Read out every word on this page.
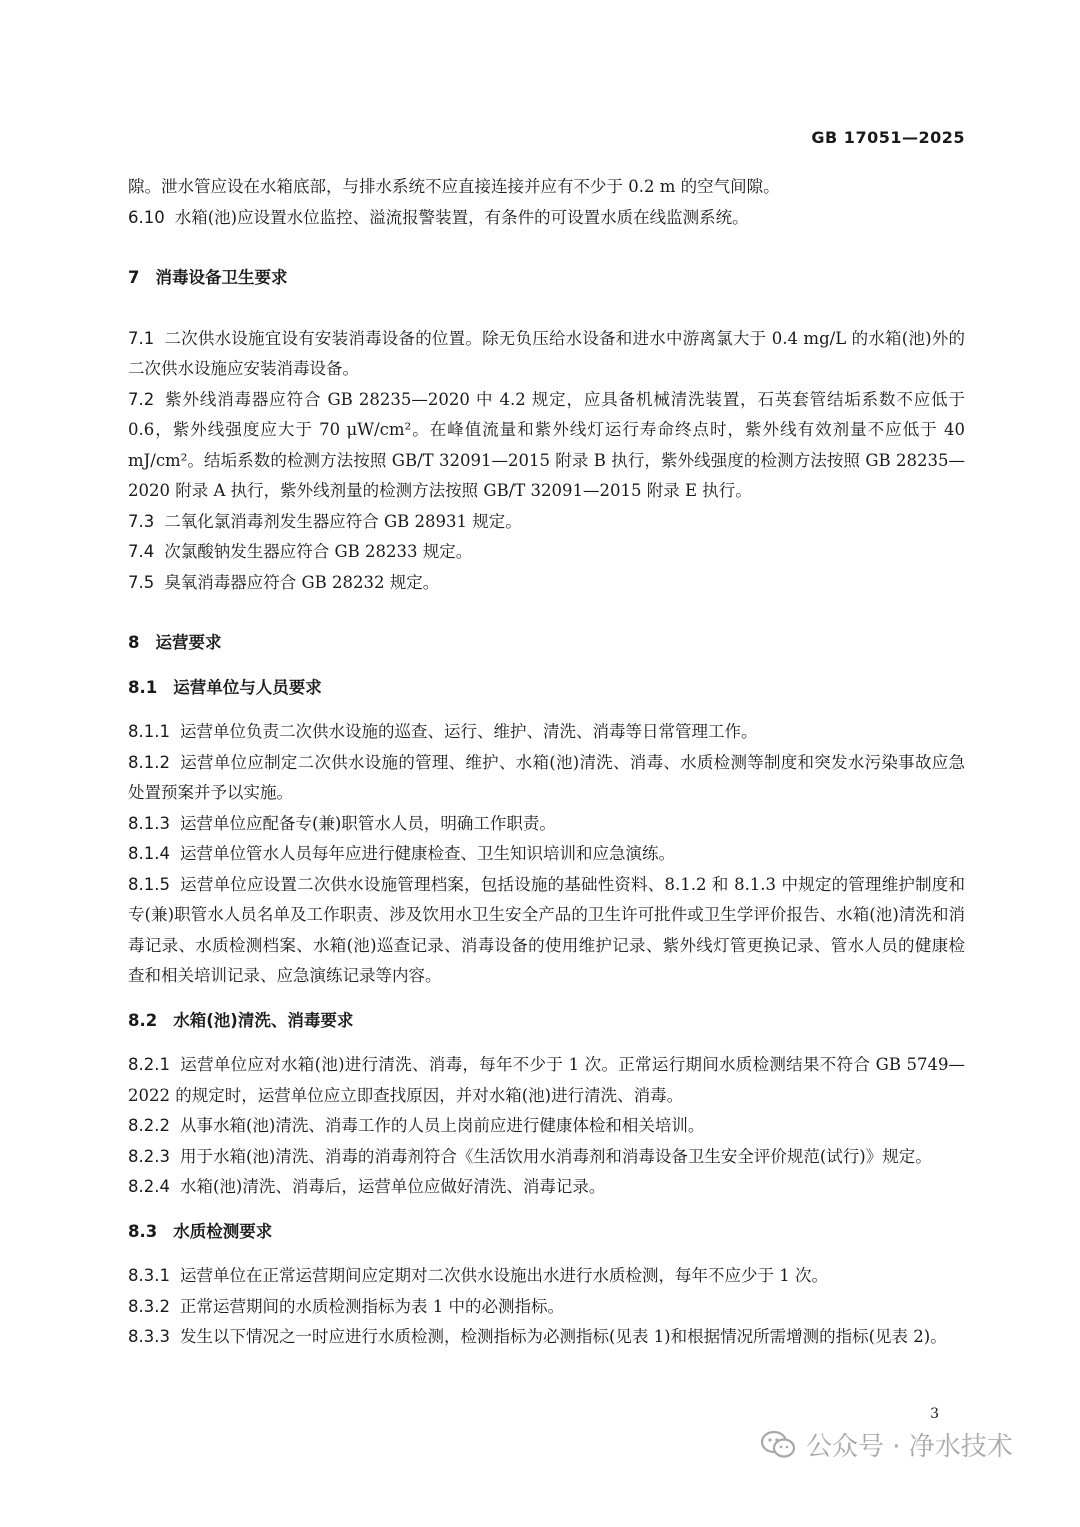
GB 17051—2025
隙。泄水管应设在水箱底部，与排水系统不应直接连接并应有不少于 0.2 m 的空气间隙。
6.10 水箱(池)应设置水位监控、溢流报警装置，有条件的可设置水质在线监测系统。
7 消毒设备卫生要求
7.1 二次供水设施宜设有安装消毒设备的位置。除无负压给水设备和进水中游离氯大于 0.4 mg/L 的水箱(池)外的二次供水设施应安装消毒设备。
7.2 紫外线消毒器应符合 GB 28235—2020 中 4.2 规定，应具备机械清洗装置，石英套管结垢系数不应低于 0.6，紫外线强度应大于 70 μW/cm²。在峰值流量和紫外线灯运行寿命终点时，紫外线有效剂量不应低于 40 mJ/cm²。结垢系数的检测方法按照 GB/T 32091—2015 附录 B 执行，紫外线强度的检测方法按照 GB 28235—2020 附录 A 执行，紫外线剂量的检测方法按照 GB/T 32091—2015 附录 E 执行。
7.3 二氧化氯消毒剂发生器应符合 GB 28931 规定。
7.4 次氯酸钠发生器应符合 GB 28233 规定。
7.5 臭氧消毒器应符合 GB 28232 规定。
8 运营要求
8.1 运营单位与人员要求
8.1.1 运营单位负责二次供水设施的巡查、运行、维护、清洗、消毒等日常管理工作。
8.1.2 运营单位应制定二次供水设施的管理、维护、水箱(池)清洗、消毒、水质检测等制度和突发水污染事故应急处置预案并予以实施。
8.1.3 运营单位应配备专(兼)职管水人员，明确工作职责。
8.1.4 运营单位管水人员每年应进行健康检查、卫生知识培训和应急演练。
8.1.5 运营单位应设置二次供水设施管理档案，包括设施的基础性资料、8.1.2 和 8.1.3 中规定的管理维护制度和专(兼)职管水人员名单及工作职责、涉及饮用水卫生安全产品的卫生许可批件或卫生学评价报告、水箱(池)清洗和消毒记录、水质检测档案、水箱(池)巡查记录、消毒设备的使用维护记录、紫外线灯管更换记录、管水人员的健康检查和相关培训记录、应急演练记录等内容。
8.2 水箱(池)清洗、消毒要求
8.2.1 运营单位应对水箱(池)进行清洗、消毒，每年不少于 1 次。正常运行期间水质检测结果不符合 GB 5749—2022 的规定时，运营单位应立即查找原因，并对水箱(池)进行清洗、消毒。
8.2.2 从事水箱(池)清洗、消毒工作的人员上岗前应进行健康体检和相关培训。
8.2.3 用于水箱(池)清洗、消毒的消毒剂符合《生活饮用水消毒剂和消毒设备卫生安全评价规范(试行)》规定。
8.2.4 水箱(池)清洗、消毒后，运营单位应做好清洗、消毒记录。
8.3 水质检测要求
8.3.1 运营单位在正常运营期间应定期对二次供水设施出水进行水质检测，每年不应少于 1 次。
8.3.2 正常运营期间的水质检测指标为表 1 中的必测指标。
8.3.3 发生以下情况之一时应进行水质检测，检测指标为必测指标(见表 1)和根据情况所需增测的指标(见表 2)。
3
公众号 · 净水技术
